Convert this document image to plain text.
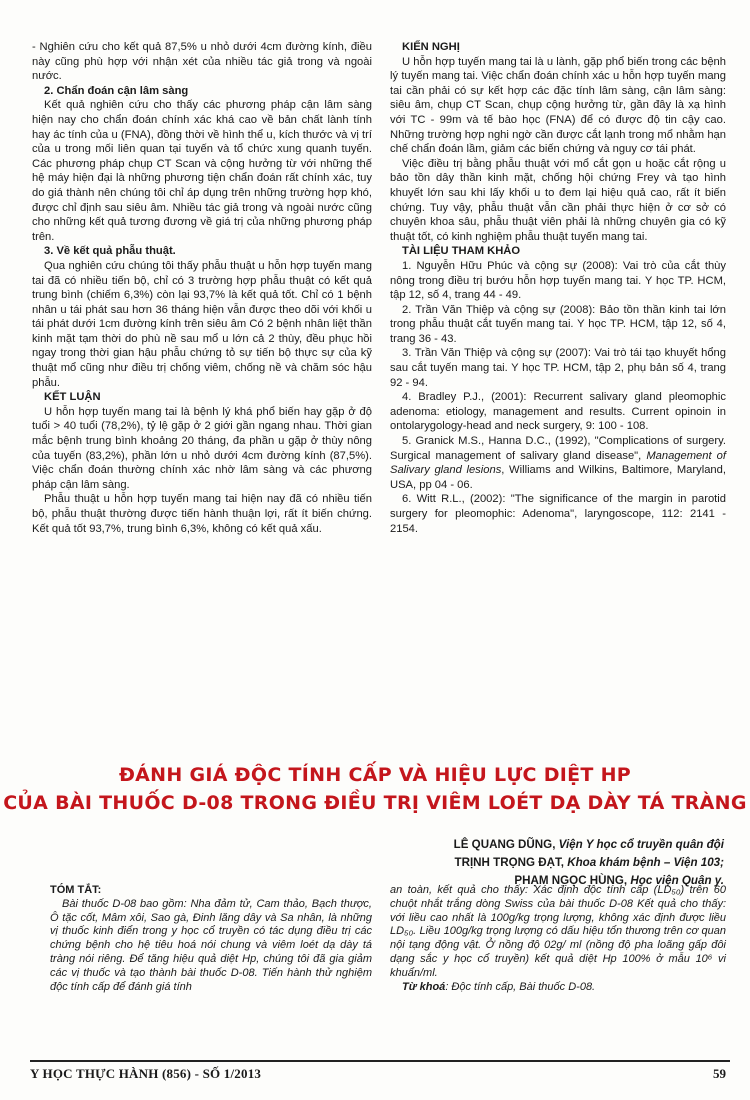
- Nghiên cứu cho kết quả 87,5% u nhỏ dưới 4cm đường kính, điều này cũng phù hợp với nhận xét của nhiều tác giả trong và ngoài nước.

2. Chẩn đoán cận lâm sàng

Kết quả nghiên cứu cho thấy các phương pháp cận lâm sàng hiện nay cho chẩn đoán chính xác khá cao về bản chất lành tính hay ác tính của u (FNA), đồng thời về hình thể u, kích thước và vị trí của u trong mối liên quan tại tuyến và tổ chức xung quanh tuyến. Các phương pháp chụp CT Scan và cộng hưởng từ với những thế hệ máy hiện đại là những phương tiện chẩn đoán rất chính xác, tuy do giá thành nên chúng tôi chỉ áp dụng trên những trường hợp khó, được chỉ định sau siêu âm. Nhiều tác giả trong và ngoài nước cũng cho những kết quả tương đương về giá trị của những phương pháp trên.

3. Về kết quả phẫu thuật.

Qua nghiên cứu chúng tôi thấy phẫu thuật u hỗn hợp tuyến mang tai đã có nhiều tiến bộ, chỉ có 3 trường hợp phẫu thuật có kết quả trung bình (chiếm 6,3%) còn lại 93,7% là kết quả tốt. Chỉ có 1 bệnh nhân u tái phát sau hơn 36 tháng hiện vẫn được theo dõi với khối u tái phát dưới 1cm đường kính trên siêu âm Có 2 bệnh nhân liệt thần kinh mặt tạm thời do phù nề sau mổ u lớn cả 2 thùy, đều phục hồi ngay trong thời gian hậu phẫu chứng tỏ sự tiến bộ thực sự của kỹ thuật mổ cũng như điều trị chống viêm, chống nề và chăm sóc hậu phẫu.

KẾT LUẬN

U hỗn hợp tuyến mang tai là bệnh lý khá phổ biến hay gặp ở độ tuổi > 40 tuổi (78,2%), tỷ lệ gặp ở 2 giới gần ngang nhau. Thời gian mắc bệnh trung bình khoảng 20 tháng, đa phần u gặp ở thùy nông của tuyến (83,2%), phần lớn u nhỏ dưới 4cm đường kính (87,5%). Việc chẩn đoán thường chính xác nhờ lâm sàng và các phương pháp cận lâm sàng.

Phẫu thuật u hỗn hợp tuyến mang tai hiện nay đã có nhiều tiến bộ, phẫu thuật thường được tiến hành thuận lợi, rất ít biến chứng. Kết quả tốt 93,7%, trung bình 6,3%, không có kết quả xấu.

KIẾN NGHỊ

U hỗn hợp tuyến mang tai là u lành, gặp phổ biến trong các bệnh lý tuyến mang tai. Việc chẩn đoán chính xác u hỗn hợp tuyến mang tai cần phải có sự kết hợp các đặc tính lâm sàng, cận lâm sàng: siêu âm, chụp CT Scan, chụp cộng hưởng từ, gần đây là xạ hình với TC - 99m và tế bào học (FNA) để có được độ tin cậy cao. Những trường hợp nghi ngờ cần được cắt lạnh trong mổ nhằm hạn chế chẩn đoán lầm, giảm các biến chứng và nguy cơ tái phát.

Việc điều trị bằng phẫu thuật với mổ cắt gọn u hoặc cắt rộng u bảo tồn dây thần kinh mặt, chống hội chứng Frey và tạo hình khuyết lớn sau khi lấy khối u to đem lại hiệu quả cao, rất ít biến chứng. Tuy vậy, phẫu thuật vẫn cần phải thực hiện ở cơ sở có chuyên khoa sâu, phẫu thuật viên phải là những chuyên gia có kỹ thuật tốt, có kinh nghiệm phẫu thuật tuyến mang tai.

TÀI LIỆU THAM KHẢO

1. Nguyễn Hữu Phúc và cộng sự (2008): Vai trò của cắt thùy nông trong điều trị bướu hỗn hợp tuyến mang tai. Y học TP. HCM, tập 12, số 4, trang 44 - 49.

2. Trần Văn Thiệp và cộng sự (2008): Bảo tồn thần kinh tai lớn trong phẫu thuật cắt tuyến mang tai. Y học TP. HCM, tập 12, số 4, trang 36 - 43.

3. Trần Văn Thiệp và cộng sự (2007): Vai trò tái tạo khuyết hổng sau cắt tuyến mang tai. Y học TP. HCM, tập 2, phụ bản số 4, trang 92 - 94.

4. Bradley P.J., (2001): Recurrent salivary gland pleomophic adenoma: etiology, management and results. Current opinoin in ontolarygology-head and neck surgery, 9: 100 - 108.

5. Granick M.S., Hanna D.C., (1992), "Complications of surgery. Surgical management of salivary gland disease", Management of Salivary gland lesions, Williams and Wilkins, Baltimore, Maryland, USA, pp 04 - 06.

6. Witt R.L., (2002): "The significance of the margin in parotid surgery for pleomophic: Adenoma", laryngoscope, 112: 2141 - 2154.

ĐÁNH GIÁ ĐỘC TÍNH CẤP VÀ HIỆU LỰC DIỆT HP
CỦA BÀI THUỐC D-08 TRONG ĐIỀU TRỊ VIÊM LOÉT DẠ DÀY TÁ TRÀNG
LÊ QUANG DŨNG, Viện Y học cổ truyền quân đội
TRỊNH TRỌNG ĐẠT, Khoa khám bệnh – Viện 103;
PHẠM NGỌC HÙNG, Học viện Quân y.
TÓM TẮT:

Bài thuốc D-08 bao gồm: Nha đảm tử, Cam thảo, Bạch thược, Ô tặc cốt, Mâm xôi, Sao gà, Đinh lăng dây và Sa nhân, là những vị thuốc kinh điển trong y học cổ truyền có tác dụng điều trị các chứng bệnh cho hệ tiêu hoá nói chung và viêm loét dạ dày tá tràng nói riêng. Để tăng hiệu quả diệt Hp, chúng tôi đã gia giảm các vị thuốc và tạo thành bài thuốc D-08. Tiến hành thử nghiệm độc tính cấp để đánh giá tính

an toàn, kết quả cho thấy: Xác định độc tính cấp (LD₅₀) trên 60 chuột nhắt trắng dòng Swiss của bài thuốc D-08 Kết quả cho thấy: với liều cao nhất là 100g/kg trọng lượng, không xác định được liều LD₅₀. Liều 100g/kg trọng lượng có dấu hiệu tổn thương trên cơ quan nội tạng động vật. Ở nồng độ 02g/ ml (nồng độ pha loãng gấp đôi dạng sắc y học cổ truyền) kết quả diệt Hp 100% ở mẫu 10⁶ vi khuẩn/ml.

Từ khoá: Độc tính cấp, Bài thuốc D-08.

Y HỌC THỰC HÀNH (856) - SỐ 1/2013	59
